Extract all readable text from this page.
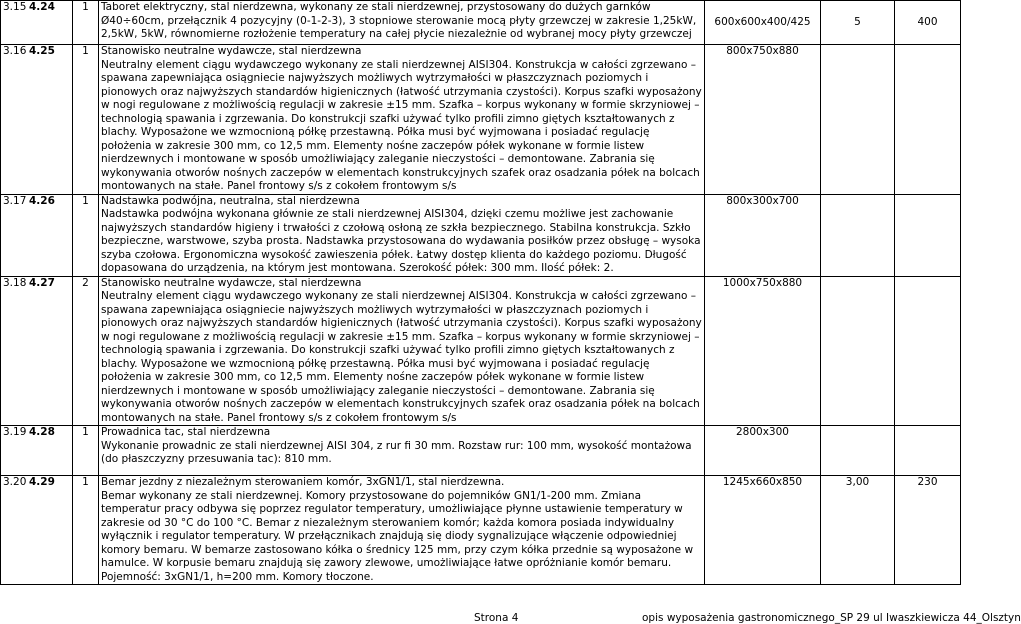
3.15 4.24	1	Taboret elektryczny, stal nierdzewna, wykonany ze stali nierdzewnej, przystosowany do dużych garnków Ø40÷60cm, przełącznik 4 pozycyjny (0-1-2-3), 3 stopniowe sterowanie mocą płyty grzewczej w zakresie 1,25kW, 2,5kW, 5kW, równomierne rozłożenie temperatury na całej płycie niezależnie od wybranej mocy płyty grzewczej	600x600x400/425	5	400
3.16 4.25	1	Stanowisko neutralne wydawcze, stal nierdzewna
Neutralny element ciągu wydawczego wykonany ze stali nierdzewnej AISI304. Konstrukcja w całości zgrzewano – spawana zapewniająca osiągniecie najwyższych możliwych wytrzymałości w płaszczyznach poziomych i pionowych oraz najwyższych standardów higienicznych (łatwość utrzymania czystości). Korpus szafki wyposażony w nogi regulowane z możliwością regulacji w zakresie ±15 mm. Szafka – korpus wykonany w formie skrzyniowej – technologią spawania i zgrzewania. Do konstrukcji szafki używać tylko profili zimno giętych kształtowanych z blachy. Wyposażone we wzmocnioną półkę przestawną. Półka musi być wyjmowana i posiadać regulację położenia w zakresie 300 mm, co 12,5 mm. Elementy nośne zaczepów półek wykonane w formie listew nierdzewnych i montowane w sposób umożliwiający zaleganie nieczystości – demontowane. Zabrania się wykonywania otworów nośnych zaczepów w elementach konstrukcyjnych szafek oraz osadzania półek na bolcach montowanych na stałe. Panel frontowy s/s z cokołem frontowym s/s	800x750x880		
3.17 4.26	1	Nadstawka podwójna, neutralna, stal nierdzewna
Nadstawka podwójna wykonana głównie ze stali nierdzewnej AISI304, dzięki czemu możliwe jest zachowanie najwyższych standardów higieny i trwałości z czołową osłoną ze szkła bezpiecznego. Stabilna konstrukcja. Szkło bezpieczne, warstwowe, szyba prosta. Nadstawka przystosowana do wydawania posiłków przez obsługę – wysoka szyba czołowa. Ergonomiczna wysokość zawieszenia półek. Łatwy dostęp klienta do każdego poziomu. Długość dopasowana do urządzenia, na którym jest montowana. Szerokość półek: 300 mm. Ilość półek: 2.	800x300x700		
3.18 4.27	2	Stanowisko neutralne wydawcze, stal nierdzewna
Neutralny element ciągu wydawczego wykonany ze stali nierdzewnej AISI304. Konstrukcja w całości zgrzewano – spawana zapewniająca osiągniecie najwyższych możliwych wytrzymałości w płaszczyznach poziomych i pionowych oraz najwyższych standardów higienicznych (łatwość utrzymania czystości). Korpus szafki wyposażony w nogi regulowane z możliwością regulacji w zakresie ±15 mm. Szafka – korpus wykonany w formie skrzyniowej – technologią spawania i zgrzewania. Do konstrukcji szafki używać tylko profili zimno giętych kształtowanych z blachy. Wyposażone we wzmocnioną półkę przestawną. Półka musi być wyjmowana i posiadać regulację położenia w zakresie 300 mm, co 12,5 mm. Elementy nośne zaczepów półek wykonane w formie listew nierdzewnych i montowane w sposób umożliwiający zaleganie nieczystości – demontowane. Zabrania się wykonywania otworów nośnych zaczepów w elementach konstrukcyjnych szafek oraz osadzania półek na bolcach montowanych na stałe. Panel frontowy s/s z cokołem frontowym s/s	1000x750x880		
3.19 4.28	1	Prowadnica tac, stal nierdzewna
Wykonanie prowadnic ze stali nierdzewnej AISI 304, z rur fi 30 mm. Rozstaw rur: 100 mm, wysokość montażowa (do płaszczyzny przesuwania tac): 810 mm.	2800x300		
3.20 4.29	1	Bemar jezdny z niezależnym sterowaniem komór, 3xGN1/1, stal nierdzewna.
Bemar wykonany ze stali nierdzewnej. Komory przystosowane do pojemników GN1/1-200 mm. Zmiana temperatur pracy odbywa się poprzez regulator temperatury, umożliwiające płynne ustawienie temperatury w zakresie od 30 °C do 100 °C. Bemar z niezależnym sterowaniem komór; każda komora posiada indywidualny wyłącznik i regulator temperatury. W przełącznikach znajdują się diody sygnalizujące włączenie odpowiedniej komory bemaru. W bemarze zastosowano kółka o średnicy 125 mm, przy czym kółka przednie są wyposażone w hamulce. W korpusie bemaru znajdują się zawory zlewowe, umożliwiające łatwe opróżnianie komór bemaru. Pojemność: 3xGN1/1, h=200 mm. Komory tłoczone.	1245x660x850	3,00	230
Strona 4	opis wyposażenia gastronomicznego_SP 29 ul Iwaszkiewicza 44_Olsztyn
